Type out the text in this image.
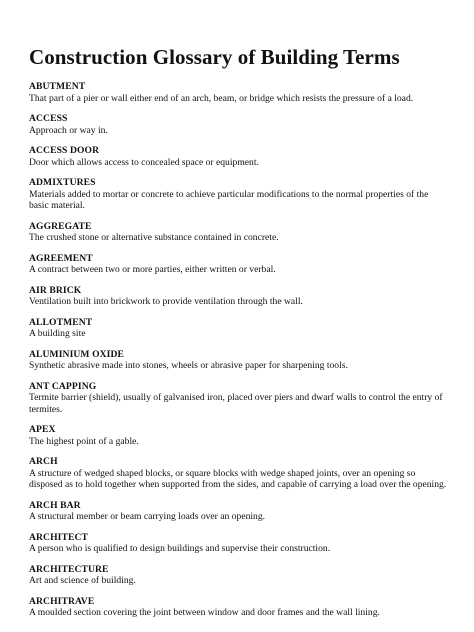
Construction Glossary of Building Terms
ABUTMENT
That part of a pier or wall either end of an arch, beam, or bridge which resists the pressure of a load.
ACCESS
Approach or way in.
ACCESS DOOR
Door which allows access to concealed space or equipment.
ADMIXTURES
Materials added to mortar or concrete to achieve particular modifications to the normal properties of the basic material.
AGGREGATE
The crushed stone or alternative substance contained in concrete.
AGREEMENT
A contract between two or more parties, either written or verbal.
AIR BRICK
Ventilation built into brickwork to provide ventilation through the wall.
ALLOTMENT
A building site
ALUMINIUM OXIDE
Synthetic abrasive made into stones, wheels or abrasive paper for sharpening tools.
ANT CAPPING
Termite barrier (shield), usually of galvanised iron, placed over piers and dwarf walls to control the entry of termites.
APEX
The highest point of a gable.
ARCH
A structure of wedged shaped blocks, or square blocks with wedge shaped joints, over an opening so disposed as to hold together when supported from the sides, and capable of carrying a load over the opening.
ARCH BAR
A structural member or beam carrying loads over an opening.
ARCHITECT
A person who is qualified to design buildings and supervise their construction.
ARCHITECTURE
Art and science of building.
ARCHITRAVE
A moulded section covering the joint between window and door frames and the wall lining.
